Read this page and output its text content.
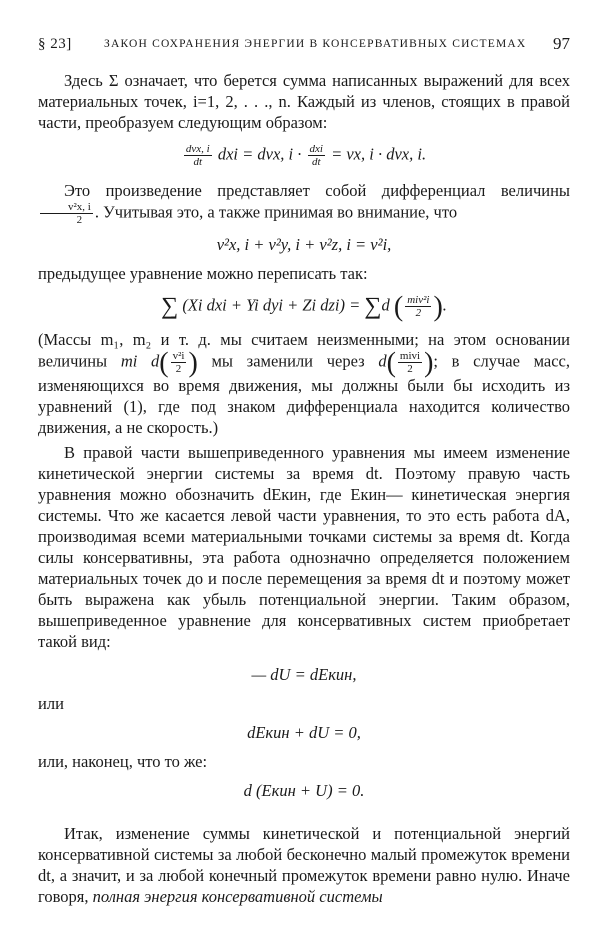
§ 23]	ЗАКОН СОХРАНЕНИЯ ЭНЕРГИИ В КОНСЕРВАТИВНЫХ СИСТЕМАХ 97

Здесь Σ означает, что берется сумма написанных выражений для всех материальных точек, i=1, 2, . . ., n. Каждый из членов, стоящих в правой части, преобразуем следующим образом:

$\frac{\text{dvx, i}}{dt}$ dxi = dvx, $i \cdot \frac{\text{dxi}}{dt}$ = vx, i · dvx, i.

Это произведение представляет собой дифференциал величины
$\frac{\text{v²x, i}}{2}$ . Учитывая это, а также принимая во внимание, что

v²x, i + v²y, i + v²z, i = v²i,

предыдущее уравнение можно переписать так:

∑ (Xi dxi + Yi dyi + Zi dzi) = ∑d ( $\frac{\text{miv²i}}{2}$ ).

(Массы m₁, m₂ и т. д. мы считаем неизменными; на этом основании величины mi $d( \frac{\text{v²i}}{2}$ ) мы заменили через $d( \frac{\text{mivi}}{2}$ ); в случае масс, изменяющихся во время движения, мы должны были бы исходить из уравнений (1), где под знаком дифференциала находится количество движения, а не скорость.)

В правой части вышеприведенного уравнения мы имеем изменение кинетической энергии системы за время dt. Поэтому правую часть уравнения можно обозначить dEкин, где Eкин— кинетическая энергия системы. Что же касается левой части уравнения, то это есть работа dA, производимая всеми материальными точками системы за время dt. Когда силы консервативны, эта работа однозначно определяется положением материальных точек до и после перемещения за время dt и поэтому может быть выражена как убыль потенциальной энергии. Таким образом, вышеприведенное уравнение для консервативных систем приобретает такой вид:

— dU = dEкин,
или
dEкин + dU = 0,

или, наконец, что то же:

d (Eкин + U) = 0.

Итак, изменение суммы кинетической и потенциальной энергий консервативной системы за любой бесконечно малый промежуток времени dt, а значит, и за любой конечный промежуток времени равно нулю. Иначе говоря, полная энергия консервативной системы
